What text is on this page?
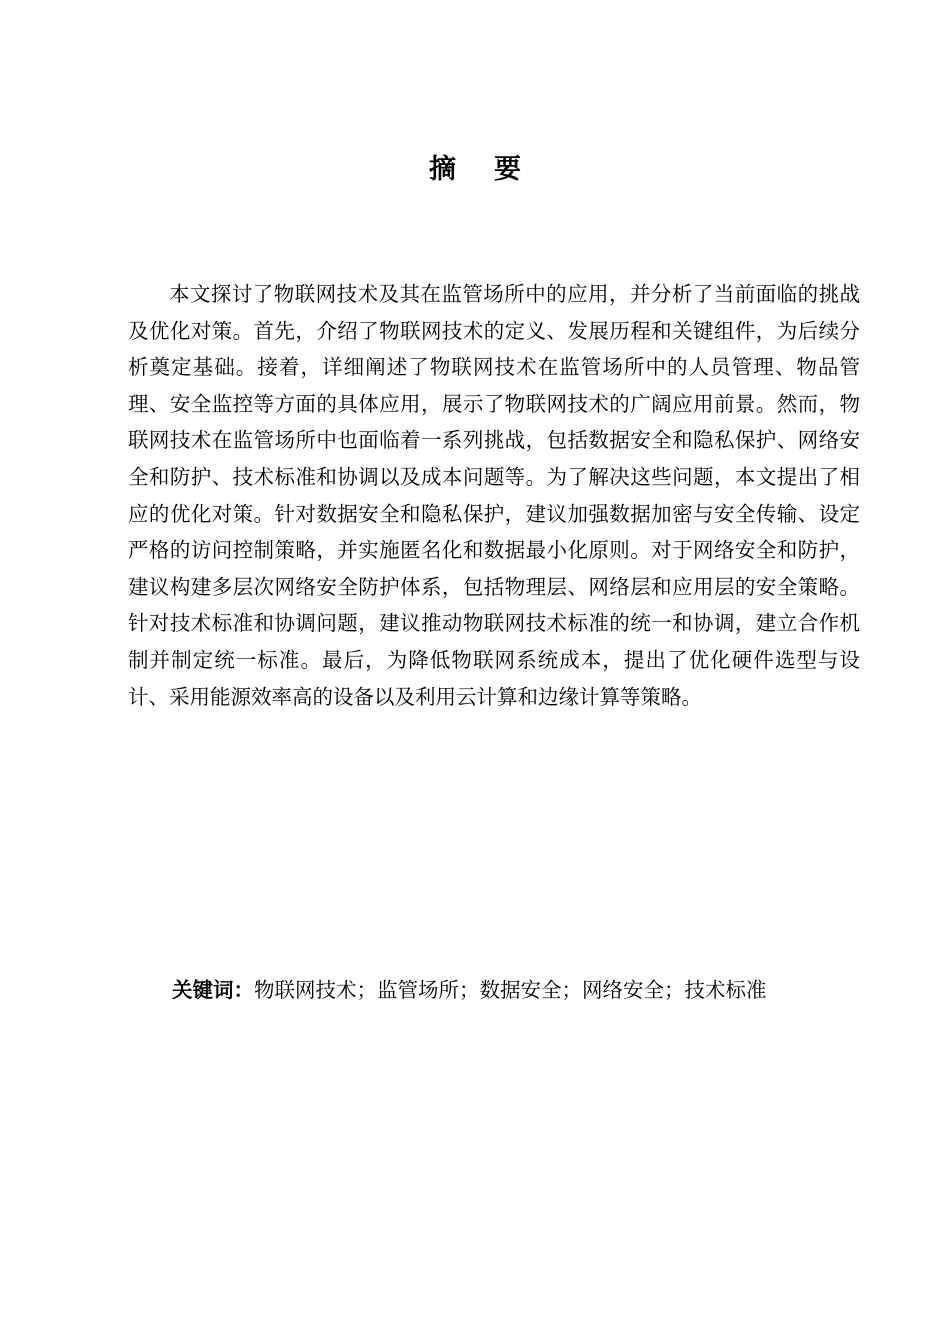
摘要

本文探讨了物联网技术及其在监管场所中的应用，并分析了当前面临的挑战及优化对策。首先，介绍了物联网技术的定义、发展历程和关键组件，为后续分析奠定基础。接着，详细阐述了物联网技术在监管场所中的人员管理、物品管理、安全监控等方面的具体应用，展示了物联网技术的广阔应用前景。然而，物联网技术在监管场所中也面临着一系列挑战，包括数据安全和隐私保护、网络安全和防护、技术标准和协调以及成本问题等。为了解决这些问题，本文提出了相应的优化对策。针对数据安全和隐私保护，建议加强数据加密与安全传输、设定严格的访问控制策略，并实施匿名化和数据最小化原则。对于网络安全和防护，建议构建多层次网络安全防护体系，包括物理层、网络层和应用层的安全策略。针对技术标准和协调问题，建议推动物联网技术标准的统一和协调，建立合作机制并制定统一标准。最后，为降低物联网系统成本，提出了优化硬件选型与设计、采用能源效率高的设备以及利用云计算和边缘计算等策略。

关键词：物联网技术；监管场所；数据安全；网络安全；技术标准
